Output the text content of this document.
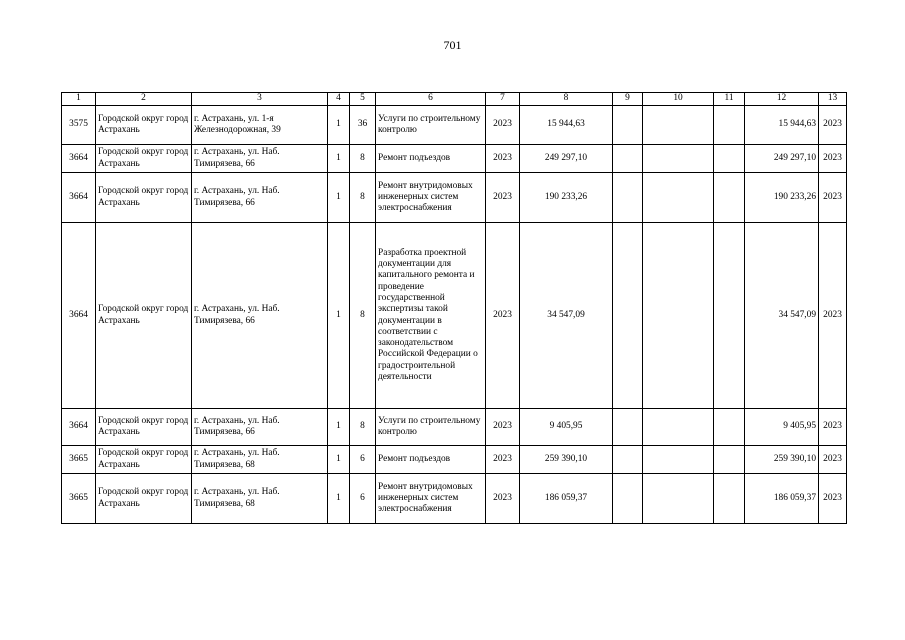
701
1	2	3	4	5	6	7	8	9	10	11	12	13
3575	Городской округ город Астрахань	г. Астрахань, ул. 1-я Железнодорожная, 39	1	36	Услуги по строительному контролю	2023	15 944,63				15 944,63	2023
3664	Городской округ город Астрахань	г. Астрахань, ул. Наб. Тимирязева, 66	1	8	Ремонт подъездов	2023	249 297,10				249 297,10	2023
3664	Городской округ город Астрахань	г. Астрахань, ул. Наб. Тимирязева, 66	1	8	Ремонт внутридомовых инженерных систем электроснабжения	2023	190 233,26				190 233,26	2023
3664	Городской округ город Астрахань	г. Астрахань, ул. Наб. Тимирязева, 66	1	8	Разработка проектной документации для капитального ремонта и проведение государственной экспертизы такой документации в соответствии с законодательством Российской Федерации о градостроительной деятельности	2023	34 547,09				34 547,09	2023
3664	Городской округ город Астрахань	г. Астрахань, ул. Наб. Тимирязева, 66	1	8	Услуги по строительному контролю	2023	9 405,95				9 405,95	2023
3665	Городской округ город Астрахань	г. Астрахань, ул. Наб. Тимирязева, 68	1	6	Ремонт подъездов	2023	259 390,10				259 390,10	2023
3665	Городской округ город Астрахань	г. Астрахань, ул. Наб. Тимирязева, 68	1	6	Ремонт внутридомовых инженерных систем электроснабжения	2023	186 059,37				186 059,37	2023
